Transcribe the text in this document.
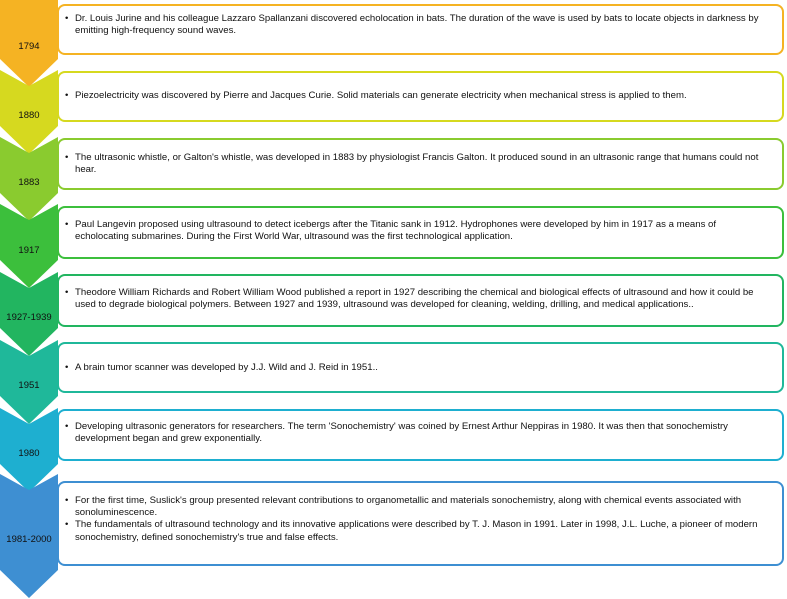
1794
• Dr. Louis Jurine and his colleague Lazzaro Spallanzani discovered echolocation in bats. The duration of the wave is used by bats to locate objects in darkness by emitting high-frequency sound waves.
1880
• Piezoelectricity was discovered by Pierre and Jacques Curie. Solid materials can generate electricity when mechanical stress is applied to them.
1883
• The ultrasonic whistle, or Galton's whistle, was developed in 1883 by physiologist Francis Galton. It produced sound in an ultrasonic range that humans could not hear.
1917
• Paul Langevin proposed using ultrasound to detect icebergs after the Titanic sank in 1912. Hydrophones were developed by him in 1917 as a means of echolocating submarines. During the First World War, ultrasound was the first technological application.
1927-1939
• Theodore William Richards and Robert William Wood published a report in 1927 describing the chemical and biological effects of ultrasound and how it could be used to degrade biological polymers. Between 1927 and 1939, ultrasound was developed for cleaning, welding, drilling, and medical applications..
1951
• A brain tumor scanner was developed by J.J. Wild and J. Reid in 1951..
1980
• Developing ultrasonic generators for researchers. The term 'Sonochemistry' was coined by Ernest Arthur Neppiras in 1980. It was then that sonochemistry development began and grew exponentially.
1981-2000
• For the first time, Suslick's group presented relevant contributions to organometallic and materials sonochemistry, along with chemical events associated with sonoluminescence.
• The fundamentals of ultrasound technology and its innovative applications were described by T. J. Mason in 1991. Later in 1998, J.L. Luche, a pioneer of modern sonochemistry, defined sonochemistry's true and false effects.
